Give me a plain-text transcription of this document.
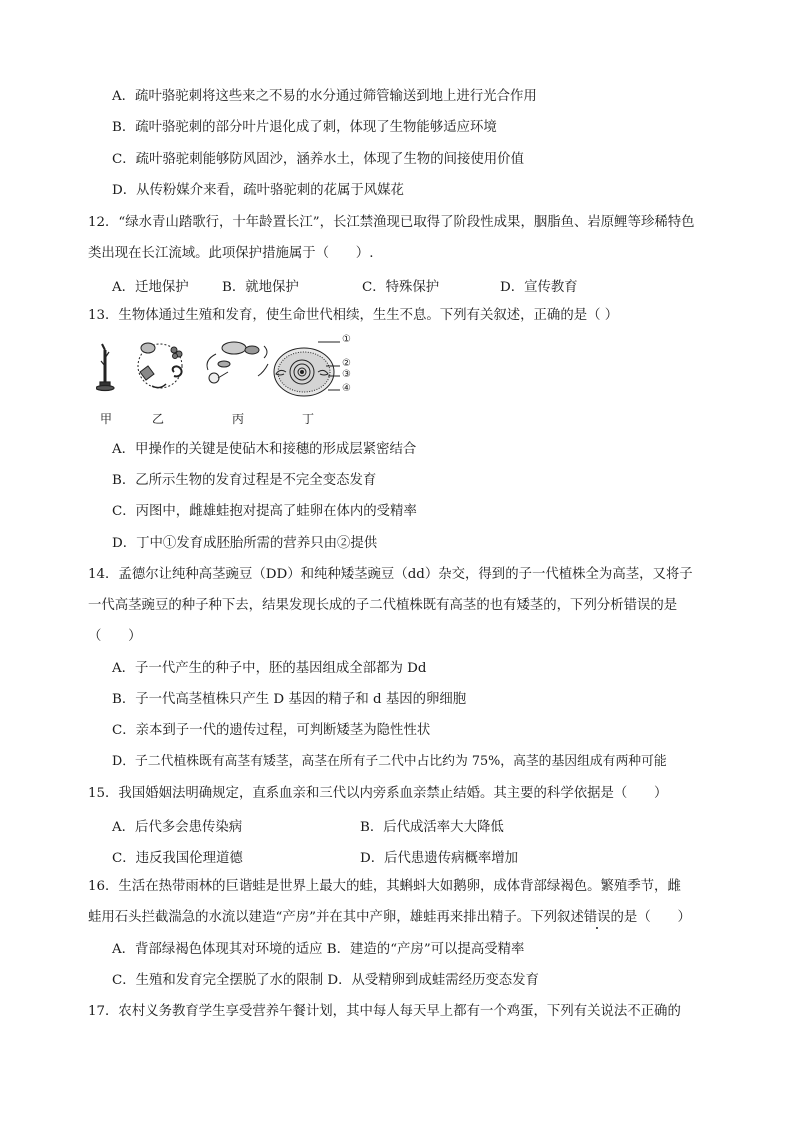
A．疏叶骆驼刺将这些来之不易的水分通过筛管输送到地上进行光合作用
B．疏叶骆驼刺的部分叶片退化成了刺，体现了生物能够适应环境
C．疏叶骆驼刺能够防风固沙，涵养水土，体现了生物的间接使用价值
D．从传粉媒介来看，疏叶骆驼刺的花属于风媒花
12．“绿水青山踏歌行，十年龄置长江”，长江禁渔现已取得了阶段性成果，胭脂鱼、岩原鲤等珍稀特色
类出现在长江流域。此项保护措施属于（　　）.
A．迁地保护 B．就地保护	C．特殊保护	D．宣传教育
13．生物体通过生殖和发育，使生命世代相续，生生不息。下列有关叙述，正确的是（ ）
甲	乙	丙	丁
①
②
③
④
A．甲操作的关键是使砧木和接穗的形成层紧密结合
B．乙所示生物的发育过程是不完全变态发育
C．丙图中，雌雄蛙抱对提高了蛙卵在体内的受精率
D．丁中①发育成胚胎所需的营养只由②提供
14．孟德尔让纯种高茎豌豆（DD）和纯种矮茎豌豆（dd）杂交，得到的子一代植株全为高茎，又将子
一代高茎豌豆的种子种下去，结果发现长成的子二代植株既有高茎的也有矮茎的，下列分析错误的是
（　　）
A．子一代产生的种子中，胚的基因组成全部都为 Dd
B．子一代高茎植株只产生 D 基因的精子和 d 基因的卵细胞
C．亲本到子一代的遗传过程，可判断矮茎为隐性性状
D．子二代植株既有高茎有矮茎，高茎在所有子二代中占比约为 75%，高茎的基因组成有两种可能
15．我国婚姻法明确规定，直系血亲和三代以内旁系血亲禁止结婚。其主要的科学依据是（　　）
A．后代多会患传染病	B．后代成活率大大降低
C．违反我国伦理道德	D．后代患遗传病概率增加
16．生活在热带雨林的巨谐蛙是世界上最大的蛙，其蝌蚪大如鹅卵，成体背部绿褐色。繁殖季节，雌
蛙用石头拦截湍急的水流以建造“产房”并在其中产卵，雄蛙再来排出精子。下列叙述错误的是（　　）
A．背部绿褐色体现其对环境的适应 B．建造的“产房”可以提高受精率
C．生殖和发育完全摆脱了水的限制 D．从受精卵到成蛙需经历变态发育
17．农村义务教育学生享受营养午餐计划，其中每人每天早上都有一个鸡蛋，下列有关说法不正确的
